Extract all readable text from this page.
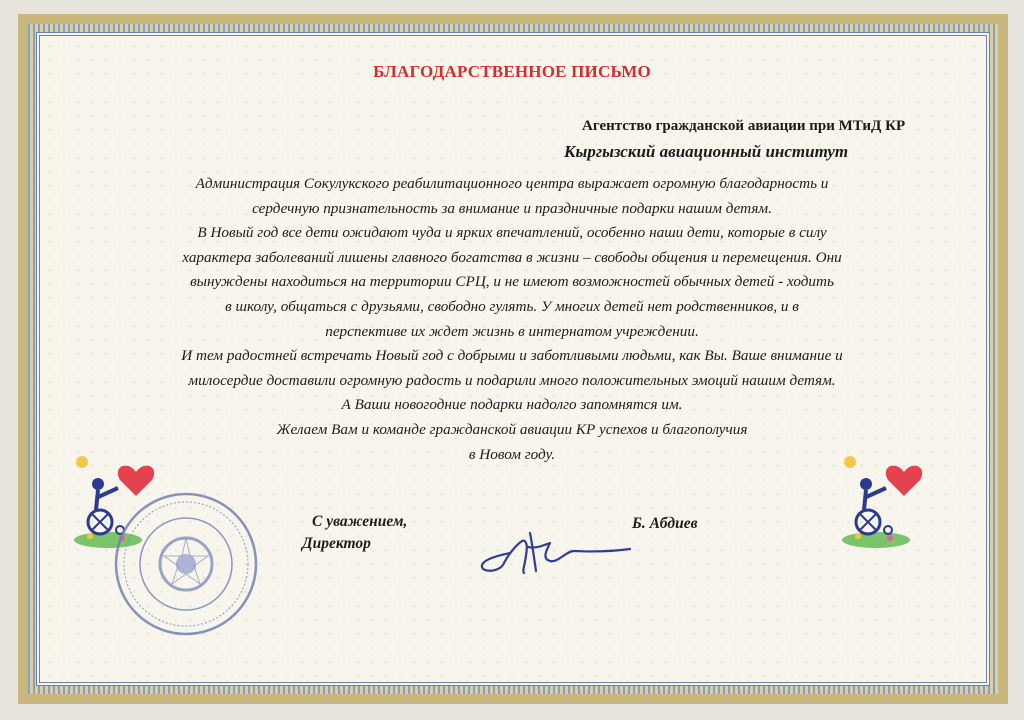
БЛАГОДАРСТВЕННОЕ ПИСЬМО
Агентство гражданской авиации при МТиД КР
Кыргызский авиационный институт
Администрация Сокулукского реабилитационного центра выражает огромную благодарность и
сердечную признательность за внимание и праздничные подарки нашим детям.
В Новый год все дети ожидают чуда и ярких впечатлений, особенно наши дети, которые в силу
характера заболеваний лишены главного богатства в жизни – свободы общения и перемещения. Они
вынуждены находиться на территории СРЦ, и не имеют возможностей обычных детей - ходить
в школу, общаться с друзьями, свободно гулять. У многих детей нет родственников, и в
перспективе их ждет жизнь в интернатом учреждении.
И тем радостней встречать Новый год с добрыми и заботливыми людьми, как Вы. Ваше внимание и
милосердие доставили огромную радость и подарили много положительных эмоций нашим детям.
А Ваши новогодние подарки надолго запомнятся им.
Желаем Вам и команде гражданской авиации КР успехов и благополучия
в Новом году.
С уважением,
Директор
Б. Абдиев
